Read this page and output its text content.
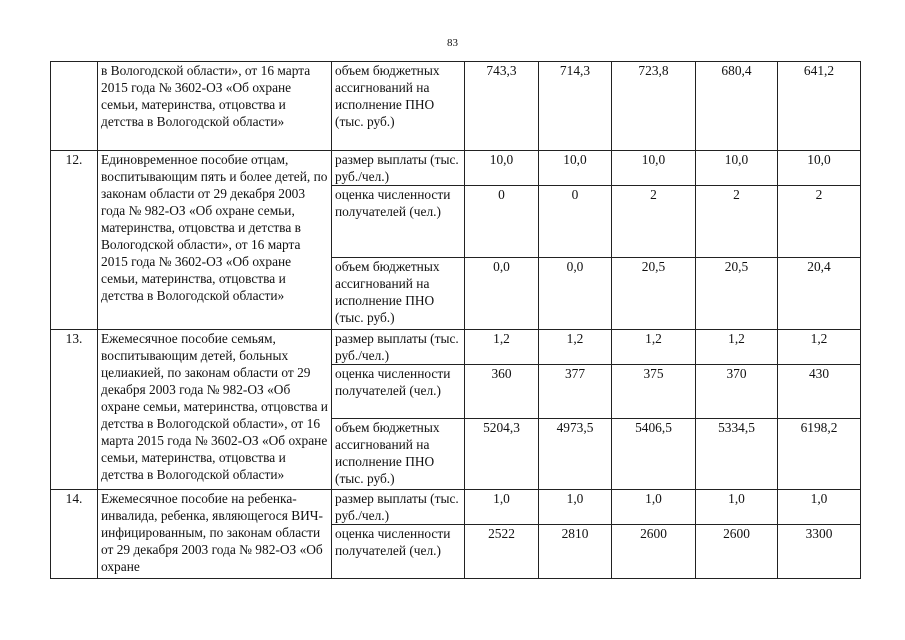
83
	в Вологодской области», от 16 марта 2015 года № 3602-ОЗ «Об охране семьи, материнства, отцовства и детства в Вологодской области»	объем бюджетных ассигнований на исполнение ПНО (тыс. руб.)	743,3	714,3	723,8	680,4	641,2
12.	Единовременное пособие отцам, воспитывающим пять и более детей, по законам области от 29 декабря 2003 года № 982-ОЗ «Об охране семьи, материнства, отцовства и детства в Вологодской области», от 16 марта 2015 года № 3602-ОЗ «Об охране семьи, материнства, отцовства и детства в Вологодской области»	размер выплаты (тыс. руб./чел.)	10,0	10,0	10,0	10,0	10,0
		оценка численности получателей (чел.)	0	0	2	2	2
		объем бюджетных ассигнований на исполнение ПНО (тыс. руб.)	0,0	0,0	20,5	20,5	20,4
13.	Ежемесячное пособие семьям, воспитывающим детей, больных целиакией, по законам области от 29 декабря 2003 года № 982-ОЗ «Об охране семьи, материнства, отцовства и детства в Вологодской области», от 16 марта 2015 года № 3602-ОЗ «Об охране семьи, материнства, отцовства и детства в Вологодской области»	размер выплаты (тыс. руб./чел.)	1,2	1,2	1,2	1,2	1,2
		оценка численности получателей (чел.)	360	377	375	370	430
		объем бюджетных ассигнований на исполнение ПНО (тыс. руб.)	5204,3	4973,5	5406,5	5334,5	6198,2
14.	Ежемесячное пособие на ребенка-инвалида, ребенка, являющегося ВИЧ-инфицированным, по законам области от 29 декабря 2003 года № 982-ОЗ «Об охране	размер выплаты (тыс. руб./чел.)	1,0	1,0	1,0	1,0	1,0
		оценка численности получателей (чел.)	2522	2810	2600	2600	3300
